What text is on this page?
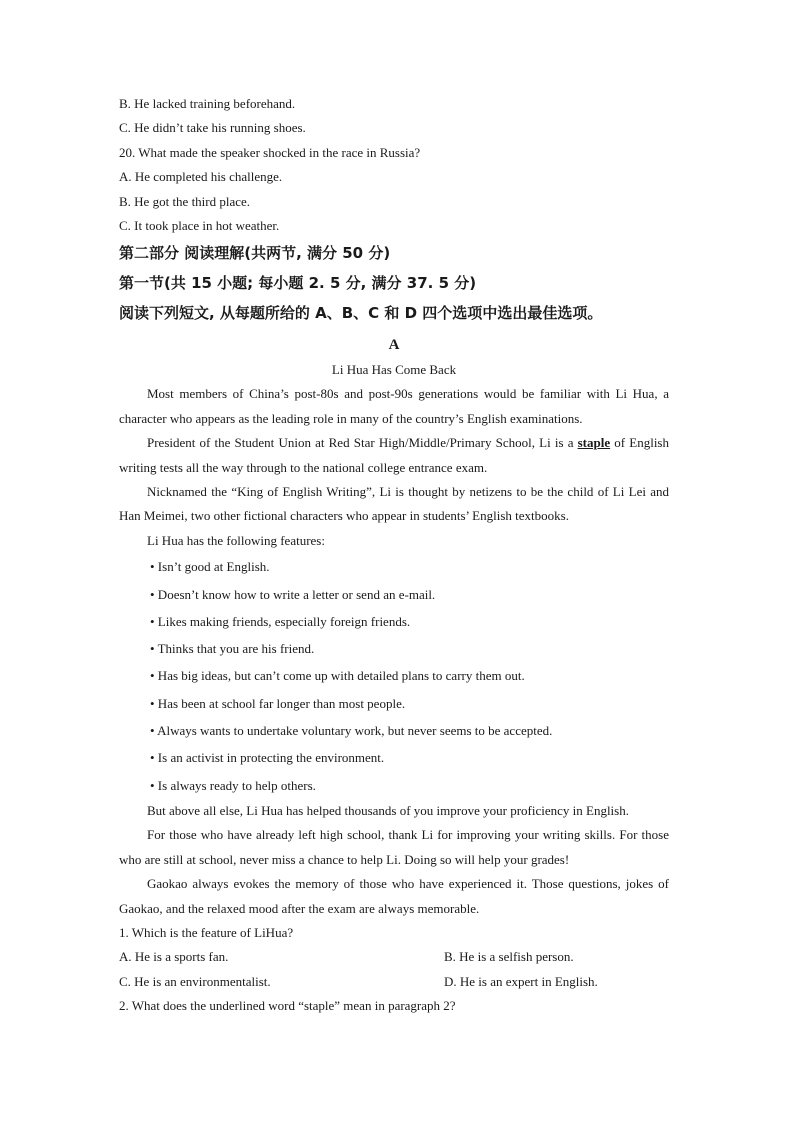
B. He lacked training beforehand.
C. He didn’t take his running shoes.
20. What made the speaker shocked in the race in Russia?
A. He completed his challenge.
B. He got the third place.
C. It took place in hot weather.
第二部分 阅读理解(共两节, 满分 50 分)
第一节(共 15 小题; 每小题 2. 5 分, 满分 37. 5 分)
阅读下列短文, 从每题所给的 A、B、C 和 D 四个选项中选出最佳选项。
A
Li Hua Has Come Back
Most members of China’s post-80s and post-90s generations would be familiar with Li Hua, a character who appears as the leading role in many of the country’s English examinations.
President of the Student Union at Red Star High/Middle/Primary School, Li is a staple of English writing tests all the way through to the national college entrance exam.
Nicknamed the “King of English Writing”, Li is thought by netizens to be the child of Li Lei and Han Meimei, two other fictional characters who appear in students’ English textbooks.
Li Hua has the following features:
• Isn’t good at English.
• Doesn’t know how to write a letter or send an e-mail.
• Likes making friends, especially foreign friends.
• Thinks that you are his friend.
• Has big ideas, but can’t come up with detailed plans to carry them out.
• Has been at school far longer than most people.
• Always wants to undertake voluntary work, but never seems to be accepted.
• Is an activist in protecting the environment.
• Is always ready to help others.
But above all else, Li Hua has helped thousands of you improve your proficiency in English.
For those who have already left high school, thank Li for improving your writing skills. For those who are still at school, never miss a chance to help Li. Doing so will help your grades!
Gaokao always evokes the memory of those who have experienced it. Those questions, jokes of Gaokao, and the relaxed mood after the exam are always memorable.
1. Which is the feature of LiHua?
A. He is a sports fan.	B. He is a selfish person.
C. He is an environmentalist.	D. He is an expert in English.
2. What does the underlined word “staple” mean in paragraph 2?
